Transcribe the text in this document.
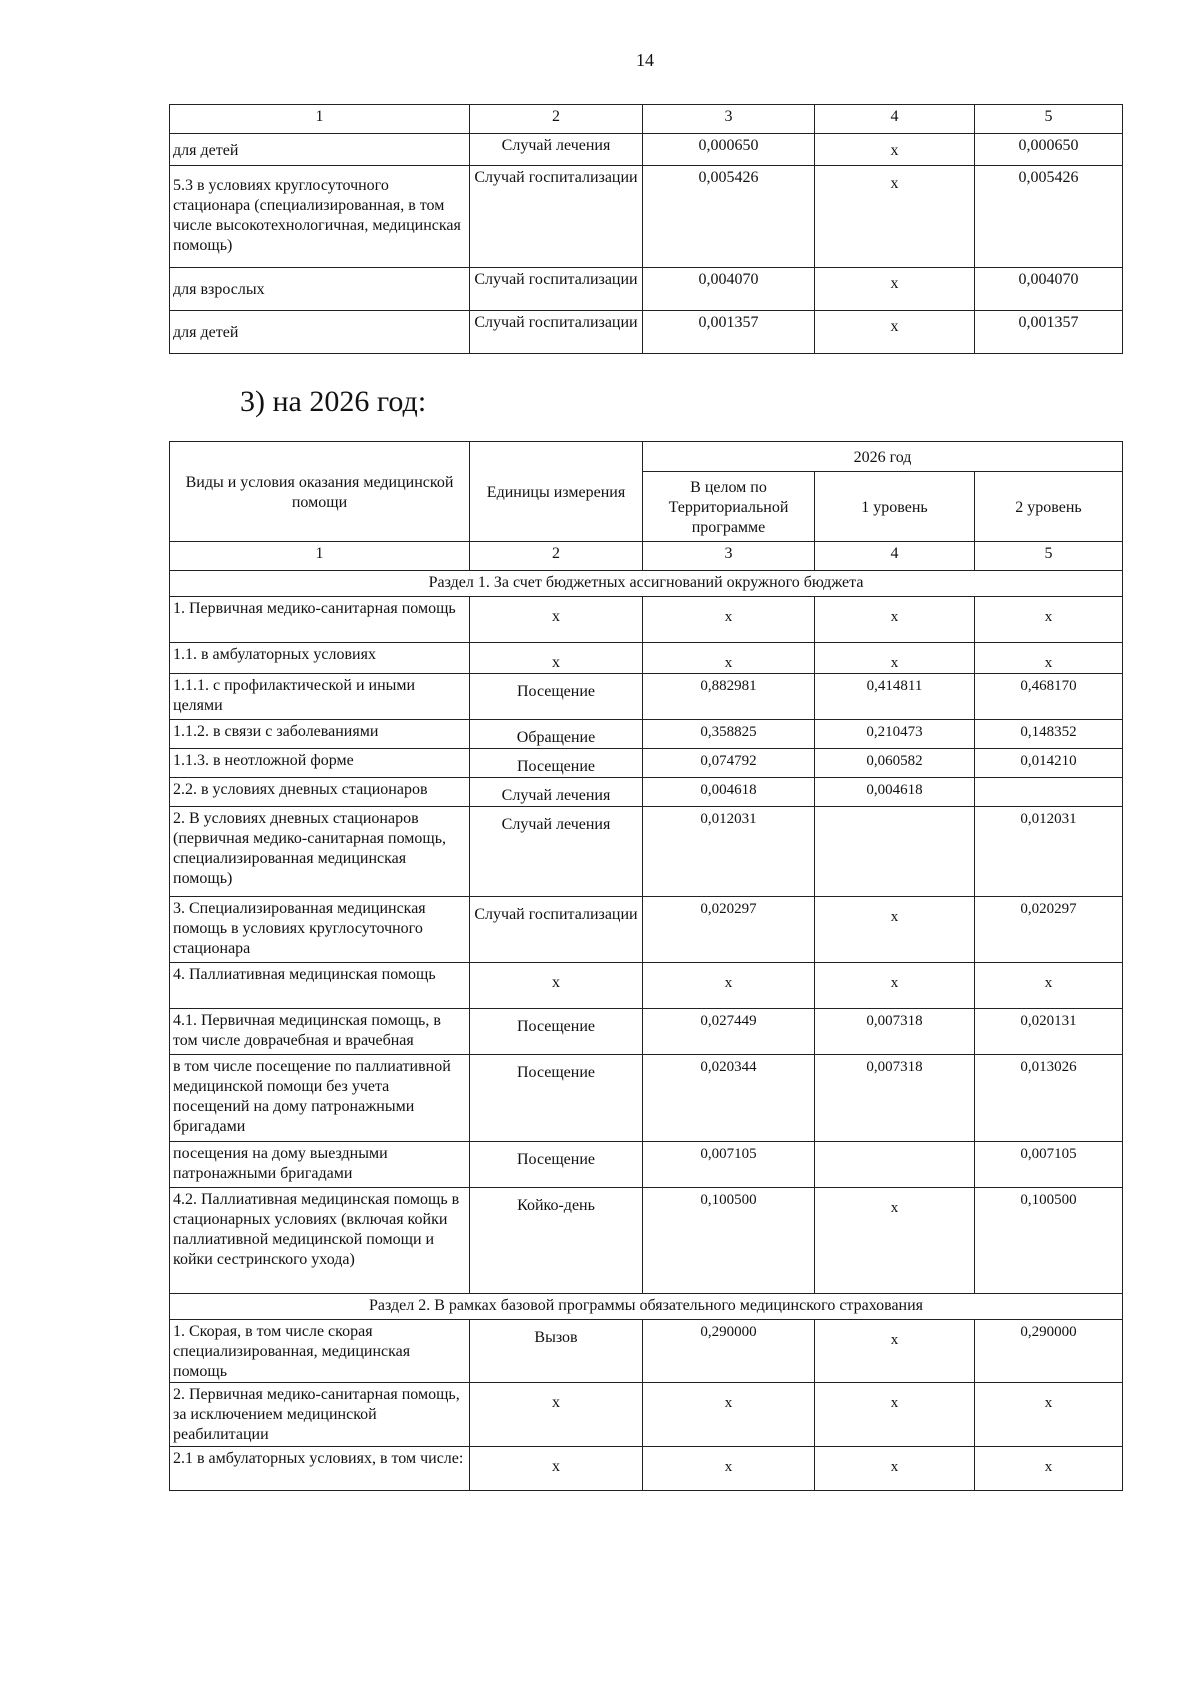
14
1	2	3	4	5
для детей	Случай лечения	0,000650	х	0,000650
5.3 в условиях круглосуточного стационара (специализированная, в том числе высокотехнологичная, медицинская помощь)	Случай госпитализации	0,005426	х	0,005426
для взрослых	Случай госпитализации	0,004070	х	0,004070
для детей	Случай госпитализации	0,001357	х	0,001357
3) на 2026 год:
Виды и условия оказания медицинской помощи	Единицы измерения	2026 год		
		В целом по Территориальной программе	1 уровень	2 уровень
1	2	3	4	5
Раздел 1. За счет бюджетных ассигнований окружного бюджета				
1. Первичная медико-санитарная помощь	х	х	х	х
1.1. в амбулаторных условиях	х	х	х	х
1.1.1. с профилактической и иными целями	Посещение	0,882981	0,414811	0,468170
1.1.2. в связи с заболеваниями	Обращение	0,358825	0,210473	0,148352
1.1.3. в неотложной форме	Посещение	0,074792	0,060582	0,014210
2.2. в условиях дневных стационаров	Случай лечения	0,004618	0,004618	
2. В условиях дневных стационаров (первичная медико-санитарная помощь, специализированная медицинская помощь)	Случай лечения	0,012031		0,012031
3. Специализированная медицинская помощь в условиях круглосуточного стационара	Случай госпитализации	0,020297	х	0,020297
4. Паллиативная медицинская помощь	х	х	х	х
4.1. Первичная медицинская помощь, в том числе доврачебная и врачебная	Посещение	0,027449	0,007318	0,020131
в том числе посещение по паллиативной медицинской помощи без учета посещений на дому патронажными бригадами	Посещение	0,020344	0,007318	0,013026
посещения на дому выездными патронажными бригадами	Посещение	0,007105		0,007105
4.2. Паллиативная медицинская помощь в стационарных условиях (включая койки паллиативной медицинской помощи и койки сестринского ухода)	Койко-день	0,100500	х	0,100500
Раздел 2. В рамках базовой программы обязательного медицинского страхования				
1. Скорая, в том числе скорая специализированная, медицинская помощь	Вызов	0,290000	х	0,290000
2. Первичная медико-санитарная помощь, за исключением медицинской реабилитации	х	х	х	х
2.1 в амбулаторных условиях, в том числе:	х	х	х	х
